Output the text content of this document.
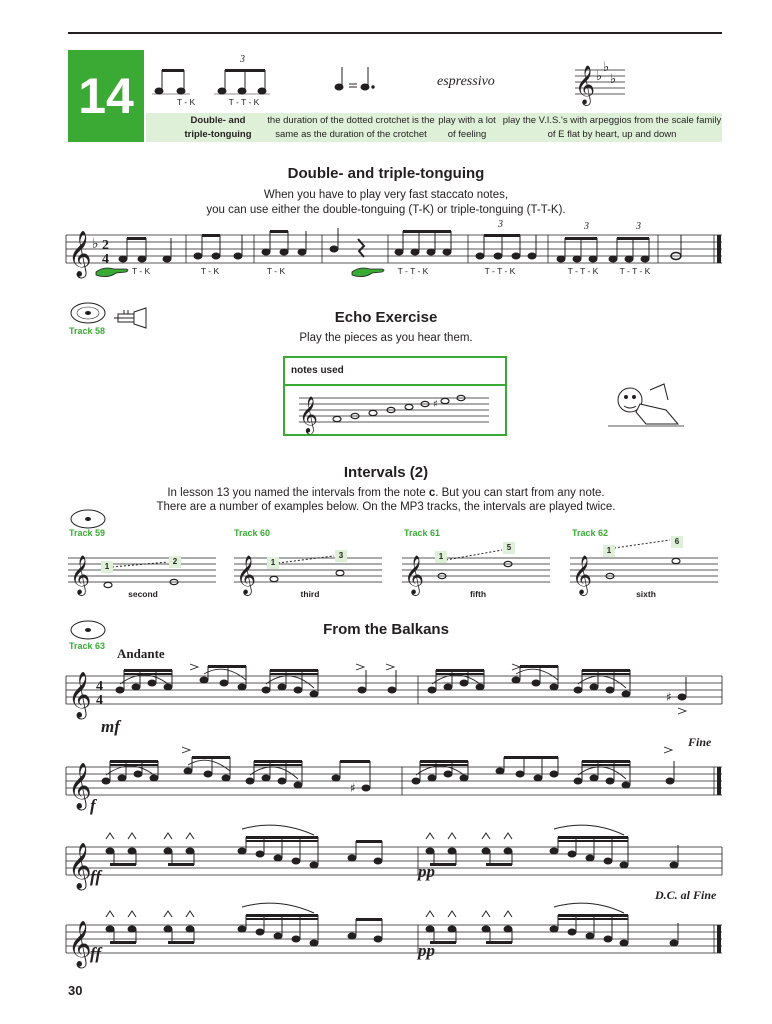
14
3
𝄞 ♭
♭
♭
T - K	T - T - K
espressivo
Double- and
triple-tonguing
the duration of the dotted crotchet is the
same as the duration of the crotchet
play with a lot
of feeling
play the V.I.S.'s with arpeggios from the scale family
of E flat by heart, up and down
Double- and triple-tonguing
When you have to play very fast staccato notes,
you can use either the double-tonguing (T-K) or triple-tonguing (T-T-K).
𝄞 ♭ 2
4
3	3	3
T - K	T - K	T - K	T - T - K	T - T - K	T - T - K	T - T - K
Track 58
Echo Exercise
Play the pieces as you hear them.
notes used
𝄞	♯
Intervals (2)
In lesson 13 you named the intervals from the note c. But you can start from any note.
There are a number of examples below. On the MP3 tracks, the intervals are played twice.
Track 59	Track 60	Track 61	Track 62
𝄞	𝄞	𝄞	𝄞
1
2	1
3	1
5	1
6
second	third	fifth	sixth
Track 63
From the Balkans
Andante
𝄞 4
4	♯
mf
𝄞	♯
Fine
f
𝄞
ff	pp
𝄞
D.C. al Fine
ff	pp
30
